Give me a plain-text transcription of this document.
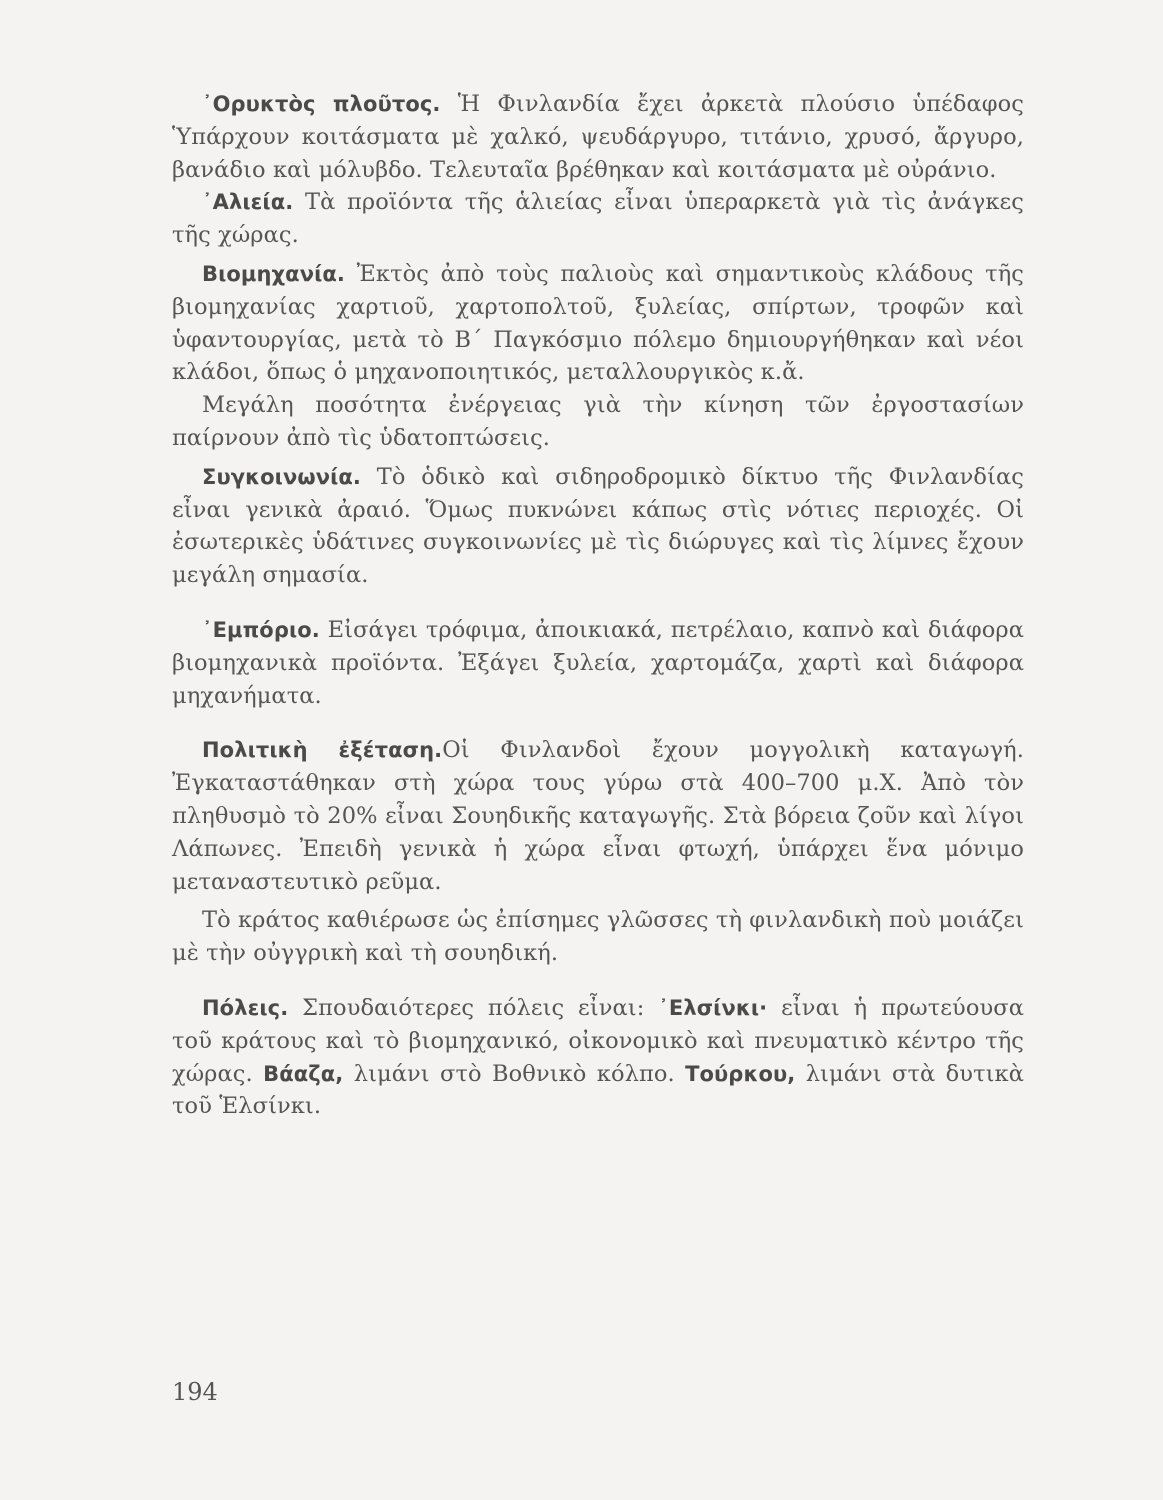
᾿Ορυκτὸς πλοῦτος. Ἡ Φινλανδία ἔχει ἀρκετὰ πλούσιο ὑπέδαφος Ὑπάρχουν κοιτάσματα μὲ χαλκό, ψευδάργυρο, τιτάνιο, χρυσό, ἄργυρο, βανάδιο καὶ μόλυβδο. Τελευταῖα βρέθηκαν καὶ κοιτάσματα μὲ οὐράνιο.

᾿Αλιεία. Τὰ προϊόντα τῆς ἁλιείας εἶναι ὑπεραρκετὰ γιὰ τὶς ἀνάγκες τῆς χώρας.

Βιομηχανία. Ἐκτὸς ἀπὸ τοὺς παλιοὺς καὶ σημαντικοὺς κλάδους τῆς βιομηχανίας χαρτιοῦ, χαρτοπολτοῦ, ξυλείας, σπίρτων, τροφῶν καὶ ὑφαντουργίας, μετὰ τὸ Β΄ Παγκόσμιο πόλεμο δημιουργήθηκαν καὶ νέοι κλάδοι, ὅπως ὁ μηχανοποιητικός, μεταλλουργικὸς κ.ἄ.

Μεγάλη ποσότητα ἐνέργειας γιὰ τὴν κίνηση τῶν ἐργοστασίων παίρνουν ἀπὸ τὶς ὑδατοπτώσεις.

Συγκοινωνία. Τὸ ὁδικὸ καὶ σιδηροδρομικὸ δίκτυο τῆς Φινλανδίας εἶναι γενικὰ ἀραιό. Ὅμως πυκνώνει κάπως στὶς νότιες περιοχές. Οἱ ἐσωτερικὲς ὑδάτινες συγκοινωνίες μὲ τὶς διώρυγες καὶ τὶς λίμνες ἔχουν μεγάλη σημασία.

᾿Εμπόριο. Εἰσάγει τρόφιμα, ἀποικιακά, πετρέλαιο, καπνὸ καὶ διάφορα βιομηχανικὰ προϊόντα. Ἐξάγει ξυλεία, χαρτομάζα, χαρτὶ καὶ διάφορα μηχανήματα.

Πολιτικὴ ἐξέταση.Οἱ Φινλανδοὶ ἔχουν μογγολικὴ καταγωγή. Ἐγκαταστάθηκαν στὴ χώρα τους γύρω στὰ 400–700 μ.Χ. Ἀπὸ τὸν πληθυσμὸ τὸ 20% εἶναι Σουηδικῆς καταγωγῆς. Στὰ βόρεια ζοῦν καὶ λίγοι Λάπωνες. Ἐπειδὴ γενικὰ ἡ χώρα εἶναι φτωχή, ὑπάρχει ἕνα μόνιμο μεταναστευτικὸ ρεῦμα.

Τὸ κράτος καθιέρωσε ὡς ἐπίσημες γλῶσσες τὴ φινλανδικὴ ποὺ μοιάζει μὲ τὴν οὐγγρικὴ καὶ τὴ σουηδική.

Πόλεις. Σπουδαιότερες πόλεις εἶναι: ᾿Ελσίνκι· εἶναι ἡ πρωτεύουσα τοῦ κράτους καὶ τὸ βιομηχανικό, οἰκονομικὸ καὶ πνευματικὸ κέντρο τῆς χώρας. Βάαζα, λιμάνι στὸ Βοθνικὸ κόλπο. Τούρκου, λιμάνι στὰ δυτικὰ τοῦ Ἑλσίνκι.

194
